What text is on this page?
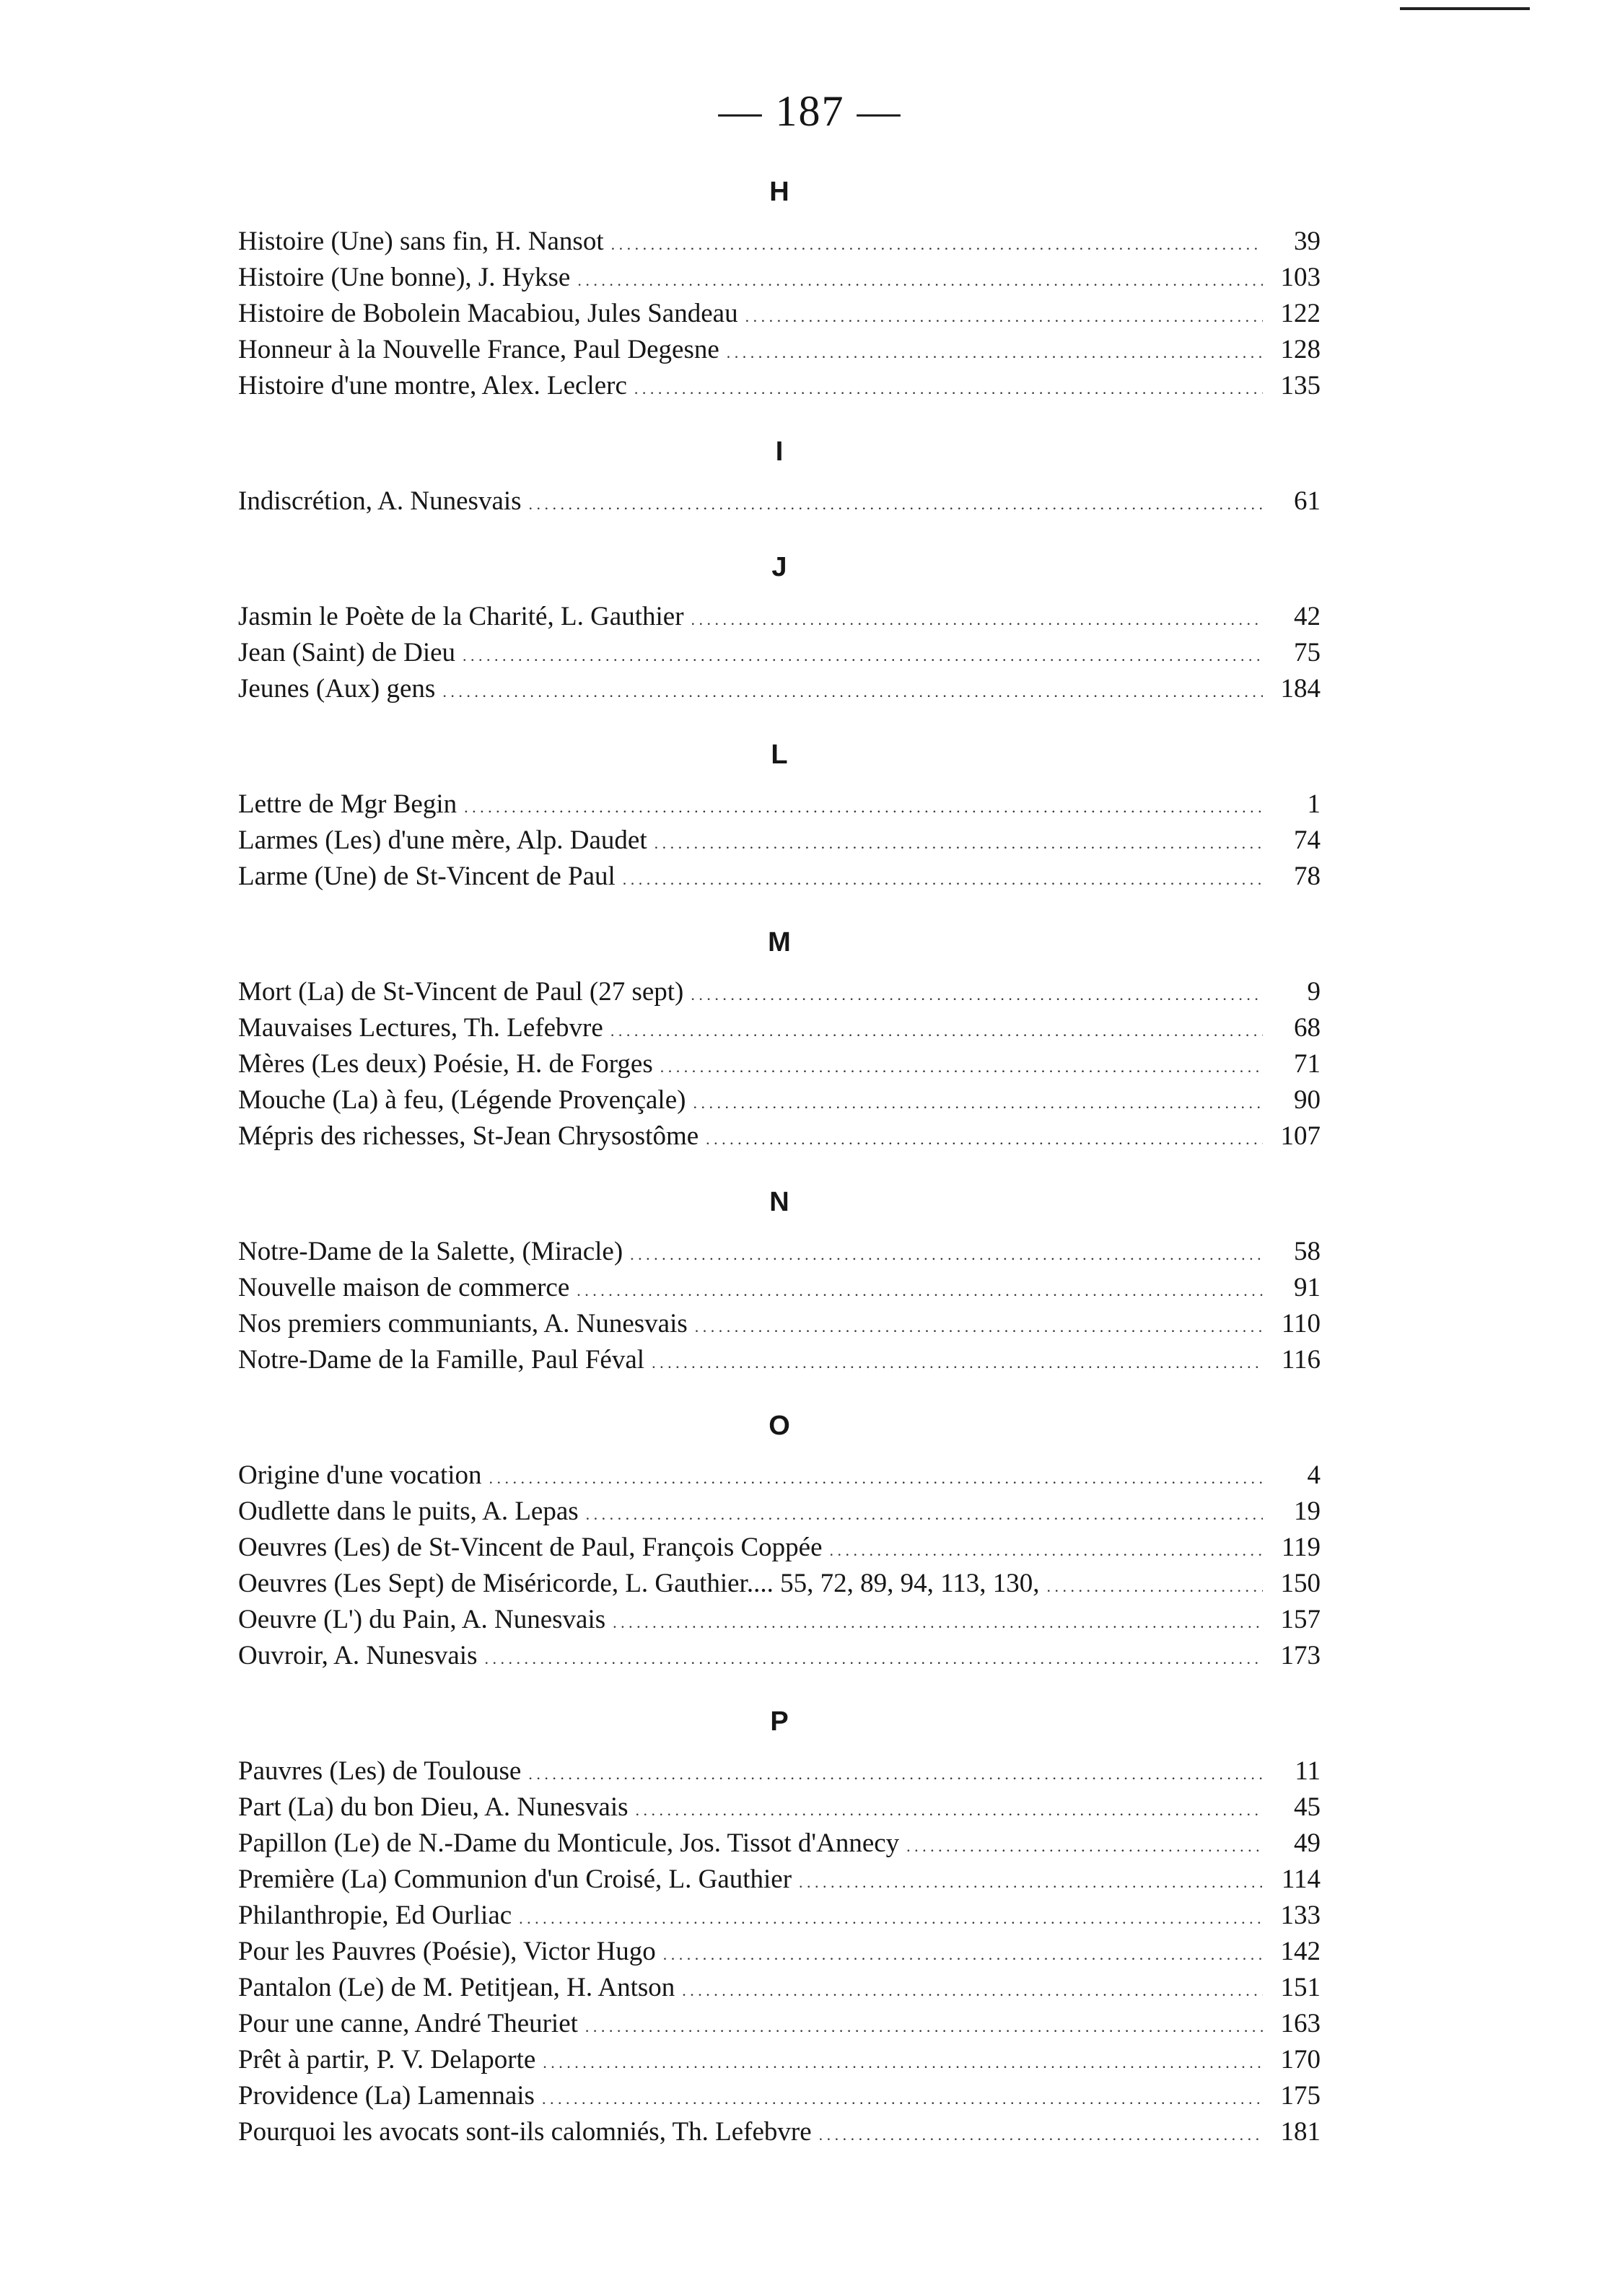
— 187 —
H
Histoire (Une) sans fin, H. Nansot . . .	39
Histoire (Une bonne), J. Hykse . . .	103
Histoire de Bobolein Macabiou, Jules Sandeau . . .	122
Honneur à la Nouvelle France, Paul Degesne . . .	128
Histoire d'une montre, Alex. Leclerc . . .	135
I
Indiscrétion, A. Nunesvais . . .	61
J
Jasmin le Poète de la Charité, L. Gauthier . . .	42
Jean (Saint) de Dieu . . .	75
Jeunes (Aux) gens . . .	184
L
Lettre de Mgr Begin . . .	1
Larmes (Les) d'une mère, Alp. Daudet . . .	74
Larme (Une) de St-Vincent de Paul . . .	78
M
Mort (La) de St-Vincent de Paul (27 sept) . . .	9
Mauvaises Lectures, Th. Lefebvre . . .	68
Mères (Les deux) Poésie, H. de Forges . . .	71
Mouche (La) à feu, (Légende Provençale) . . .	90
Mépris des richesses, St-Jean Chrysostôme . . .	107
N
Notre-Dame de la Salette, (Miracle) . . .	58
Nouvelle maison de commerce . . .	91
Nos premiers communiants, A. Nunesvais . . .	110
Notre-Dame de la Famille, Paul Féval . . .	116
O
Origine d'une vocation . . .	4
Oudlette dans le puits, A. Lepas . . .	19
Oeuvres (Les) de St-Vincent de Paul, François Coppée . . .	119
Oeuvres (Les Sept) de Miséricorde, L. Gauthier.... 55, 72, 89, 94, 113, 130, . . .	150
Oeuvre (L') du Pain, A. Nunesvais . . .	157
Ouvroir, A. Nunesvais . . .	173
P
Pauvres (Les) de Toulouse . . .	11
Part (La) du bon Dieu, A. Nunesvais . . .	45
Papillon (Le) de N.-Dame du Monticule, Jos. Tissot d'Annecy . . .	49
Première (La) Communion d'un Croisé, L. Gauthier . . .	114
Philanthropie, Ed Ourliac . . .	133
Pour les Pauvres (Poésie), Victor Hugo . . .	142
Pantalon (Le) de M. Petitjean, H. Antson . . .	151
Pour une canne, André Theuriet . . .	163
Prêt à partir, P. V. Delaporte . . .	170
Providence (La) Lamennais . . .	175
Pourquoi les avocats sont-ils calomniés, Th. Lefebvre . . .	181
